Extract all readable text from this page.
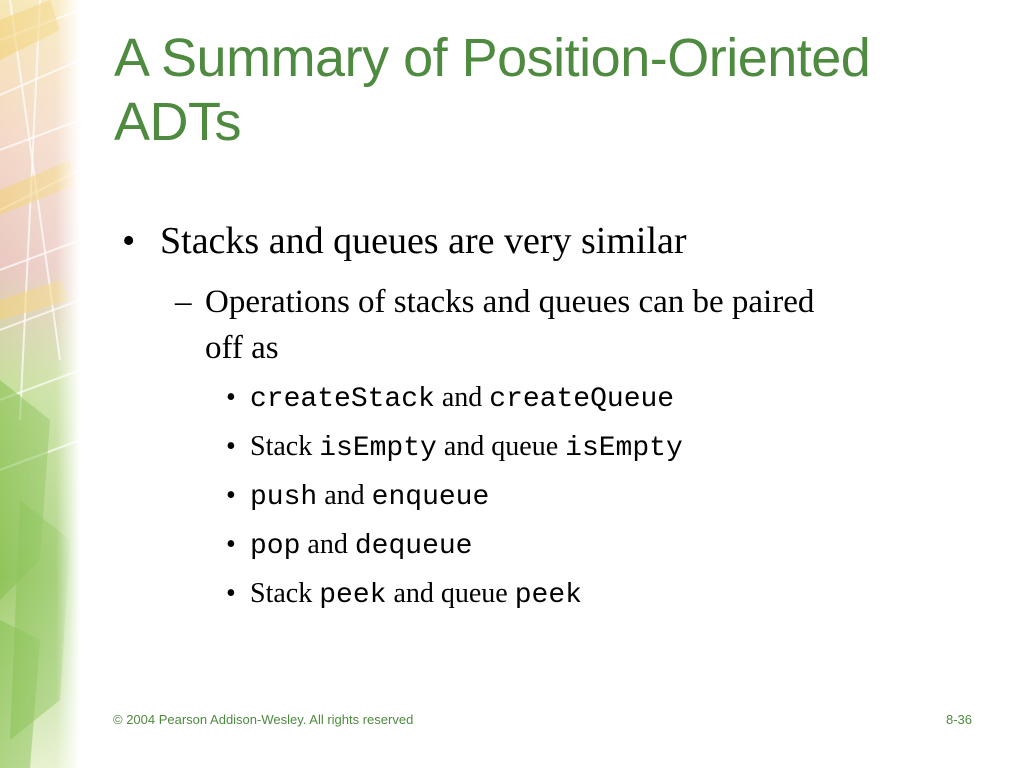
A Summary of Position-Oriented
ADTs
• Stacks and queues are very similar
– Operations of stacks and queues can be paired
off as
• createStack and createQueue
• Stack isEmpty and queue isEmpty
• push and enqueue
• pop and dequeue
• Stack peek and queue peek
© 2004 Pearson Addison-Wesley. All rights reserved	8-36
